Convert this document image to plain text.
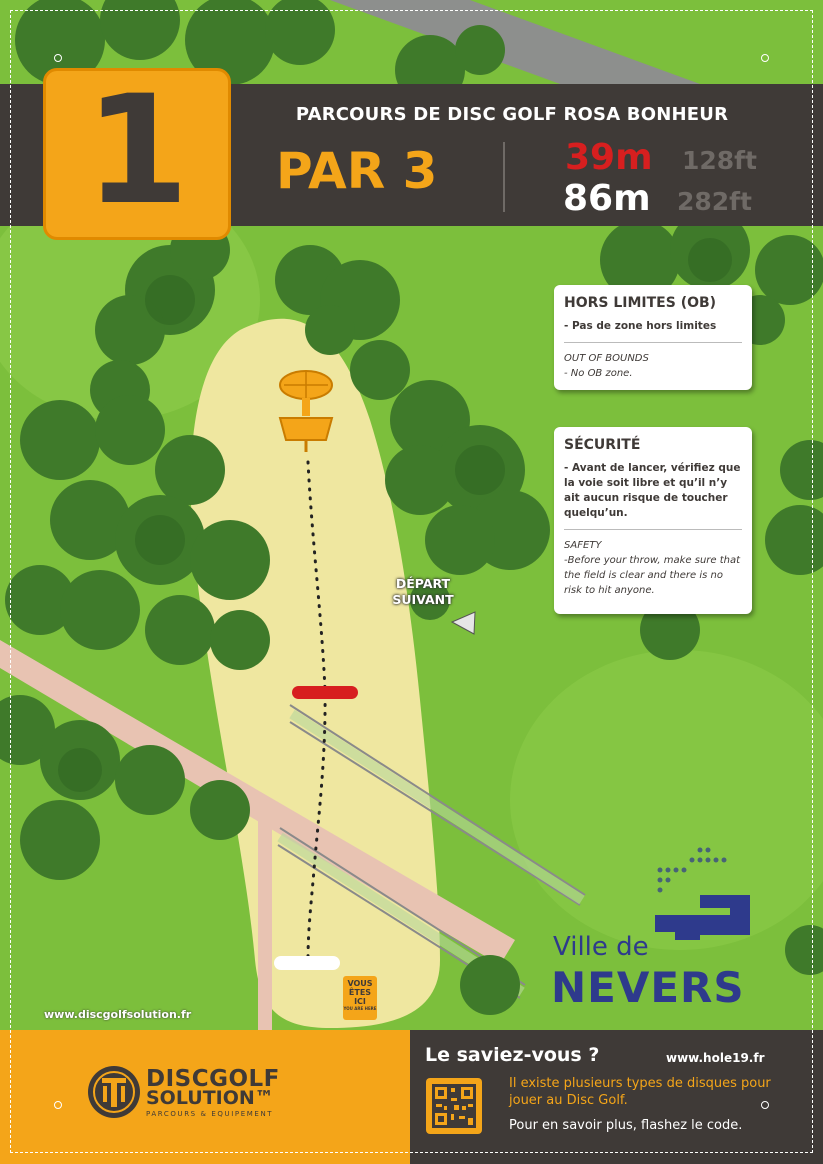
1	PARCOURS DE DISC GOLF ROSA BONHEUR
PAR 3	39m 128ft
86m 282ft
HORS LIMITES (OB)
- Pas de zone hors limites
OUT OF BOUNDS
- No OB zone.
SÉCURITÉ
- Avant de lancer, vérifiez que la voie soit libre et qu’il n’y ait aucun risque de toucher quelqu’un.
SAFETY
-Before your throw, make sure that the field is clear and there is no risk to hit anyone.
DÉPART
SUIVANT
VOUS
ÊTES
ICI
YOU ARE HERE
www.discgolfsolution.fr
Ville de
NEVERS
DISCGOLF
SOLUTION™
PARCOURS & EQUIPEMENT
Le saviez-vous ?	www.hole19.fr
Il existe plusieurs types de disques pour jouer au Disc Golf.
Pour en savoir plus, flashez le code.
